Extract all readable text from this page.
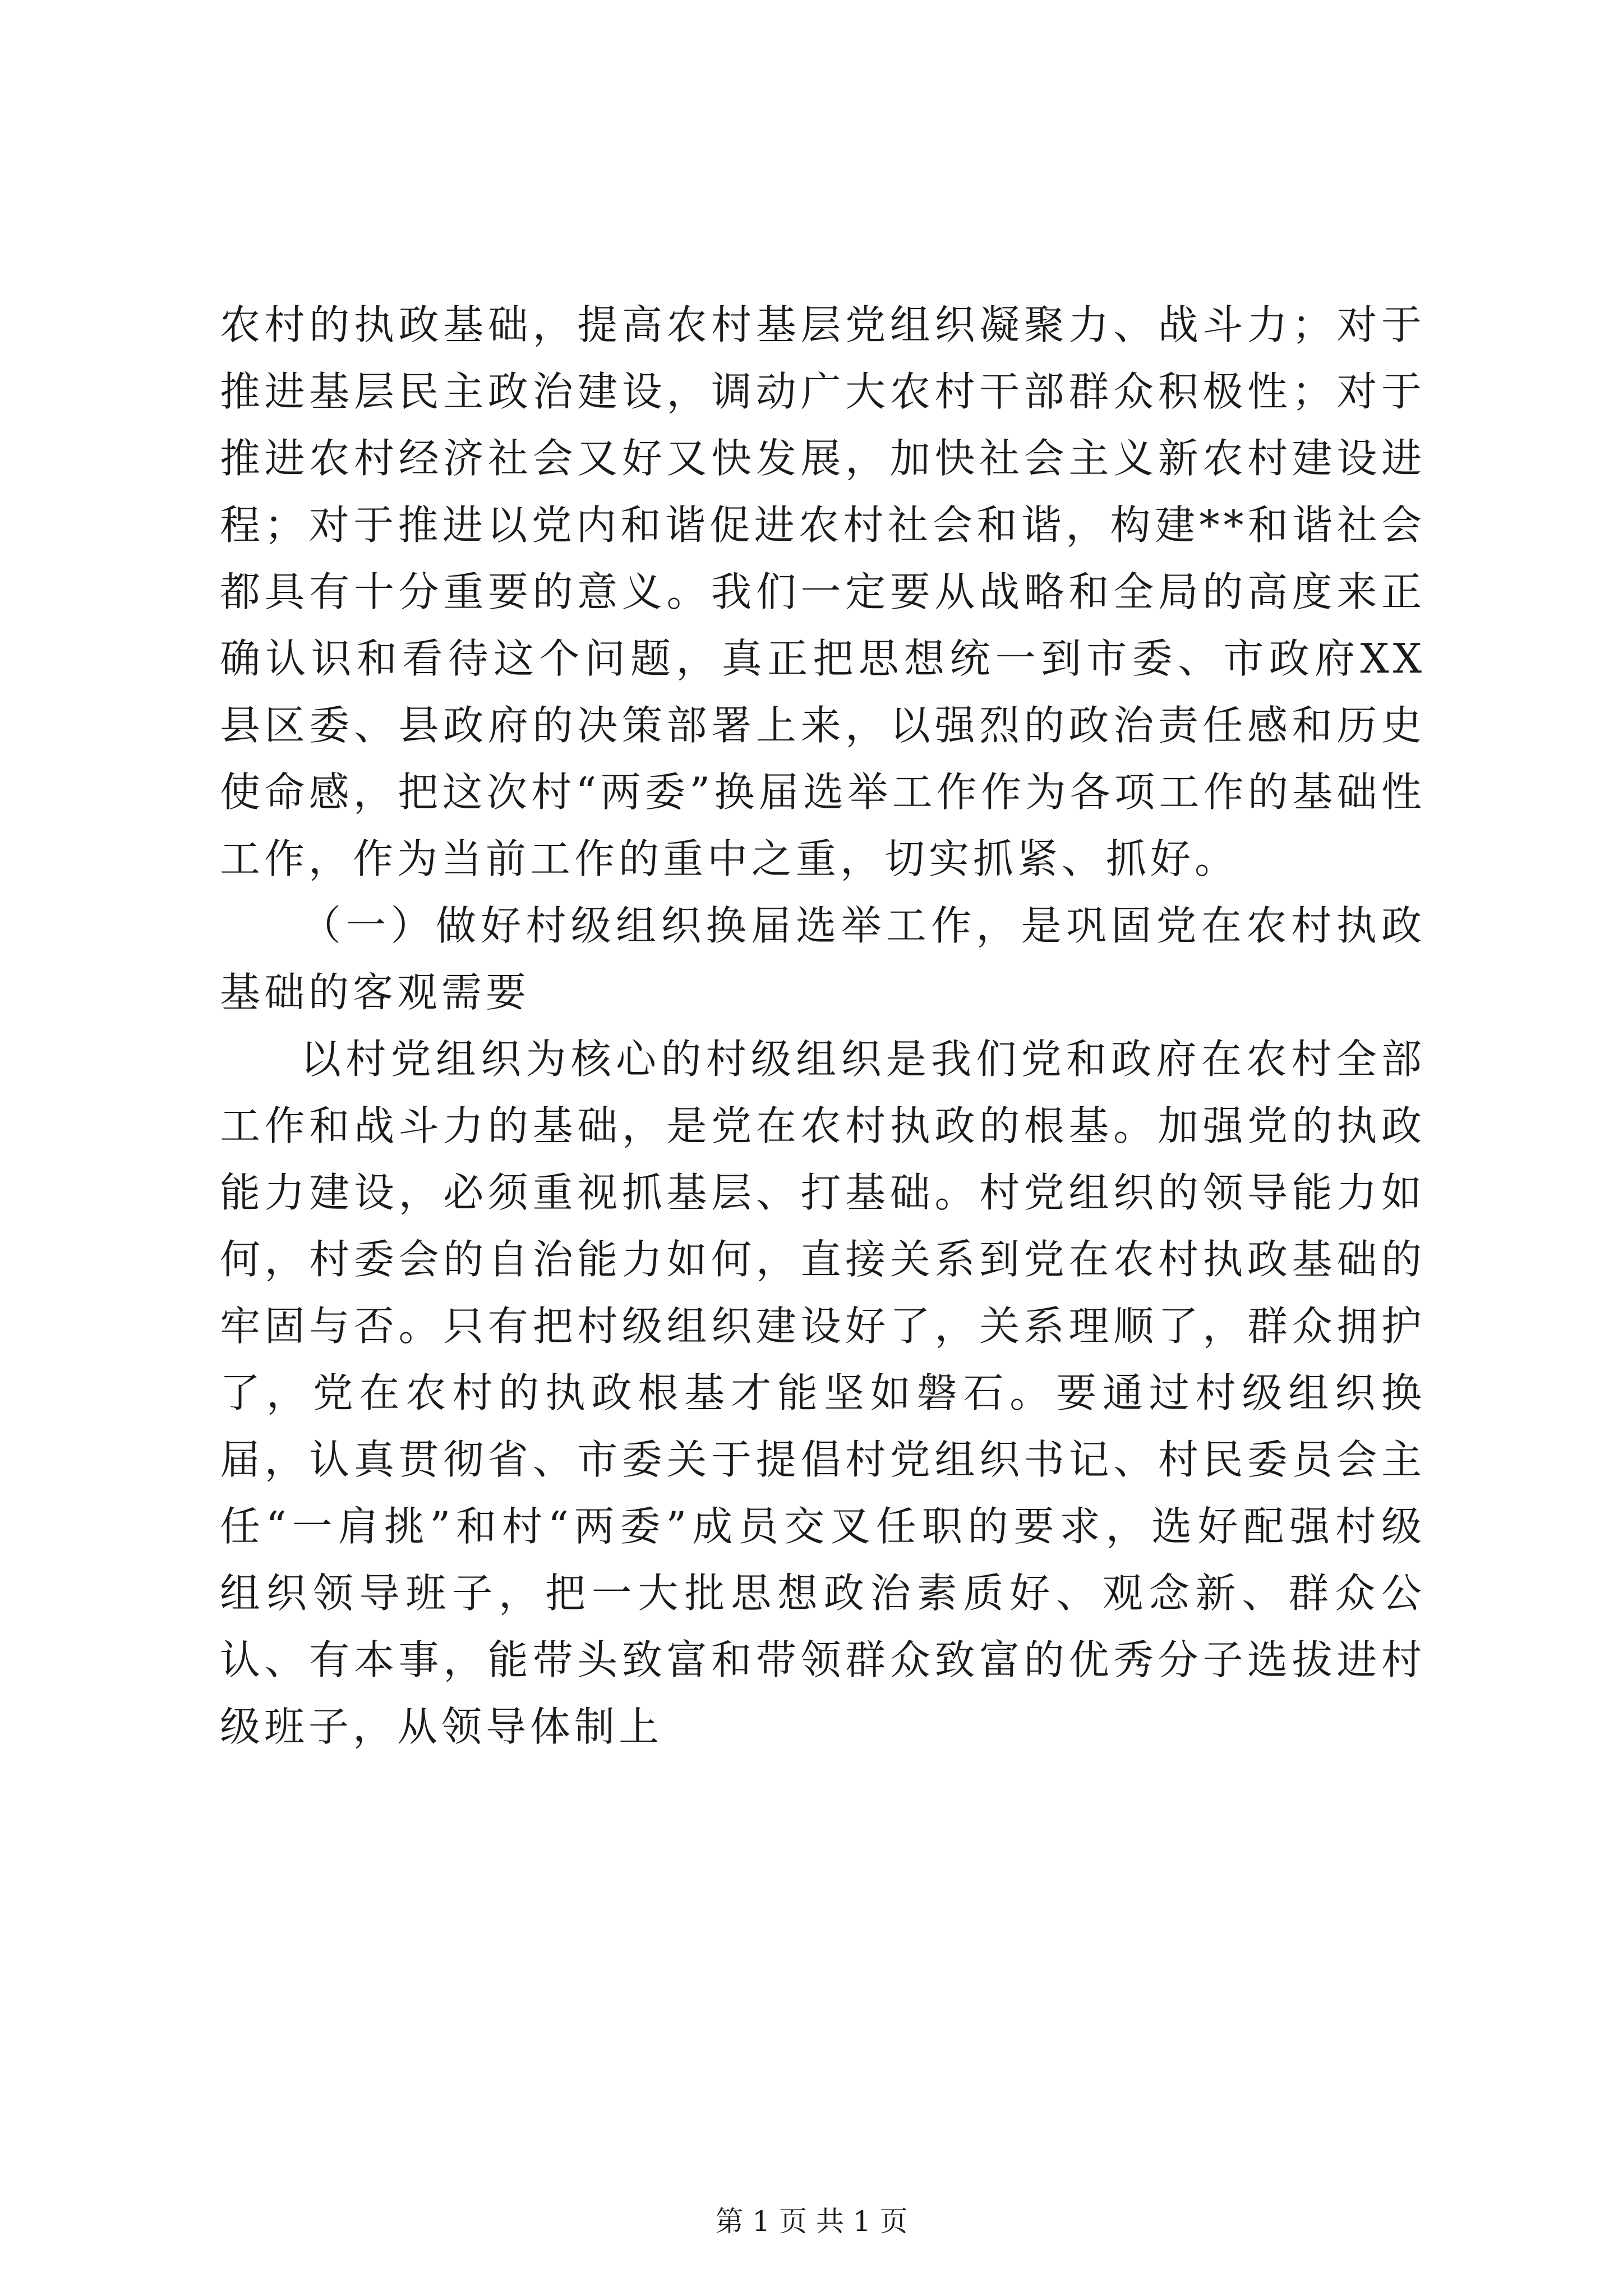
农村的执政基础，提高农村基层党组织凝聚力、战斗力；对于推进基层民主政治建设，调动广大农村干部群众积极性；对于推进农村经济社会又好又快发展，加快社会主义新农村建设进程；对于推进以党内和谐促进农村社会和谐，构建**和谐社会都具有十分重要的意义。我们一定要从战略和全局的高度来正确认识和看待这个问题，真正把思想统一到市委、市政府XX县区委、县政府的决策部署上来，以强烈的政治责任感和历史使命感，把这次村“两委”换届选举工作作为各项工作的基础性工作，作为当前工作的重中之重，切实抓紧、抓好。

（一）做好村级组织换届选举工作，是巩固党在农村执政基础的客观需要

以村党组织为核心的村级组织是我们党和政府在农村全部工作和战斗力的基础，是党在农村执政的根基。加强党的执政能力建设，必须重视抓基层、打基础。村党组织的领导能力如何，村委会的自治能力如何，直接关系到党在农村执政基础的牢固与否。只有把村级组织建设好了，关系理顺了，群众拥护了，党在农村的执政根基才能坚如磐石。要通过村级组织换届，认真贯彻省、市委关于提倡村党组织书记、村民委员会主任“一肩挑”和村“两委”成员交叉任职的要求，选好配强村级组织领导班子，把一大批思想政治素质好、观念新、群众公认、有本事，能带头致富和带领群众致富的优秀分子选拔进村级班子，从领导体制上

第 1 页 共 1 页
